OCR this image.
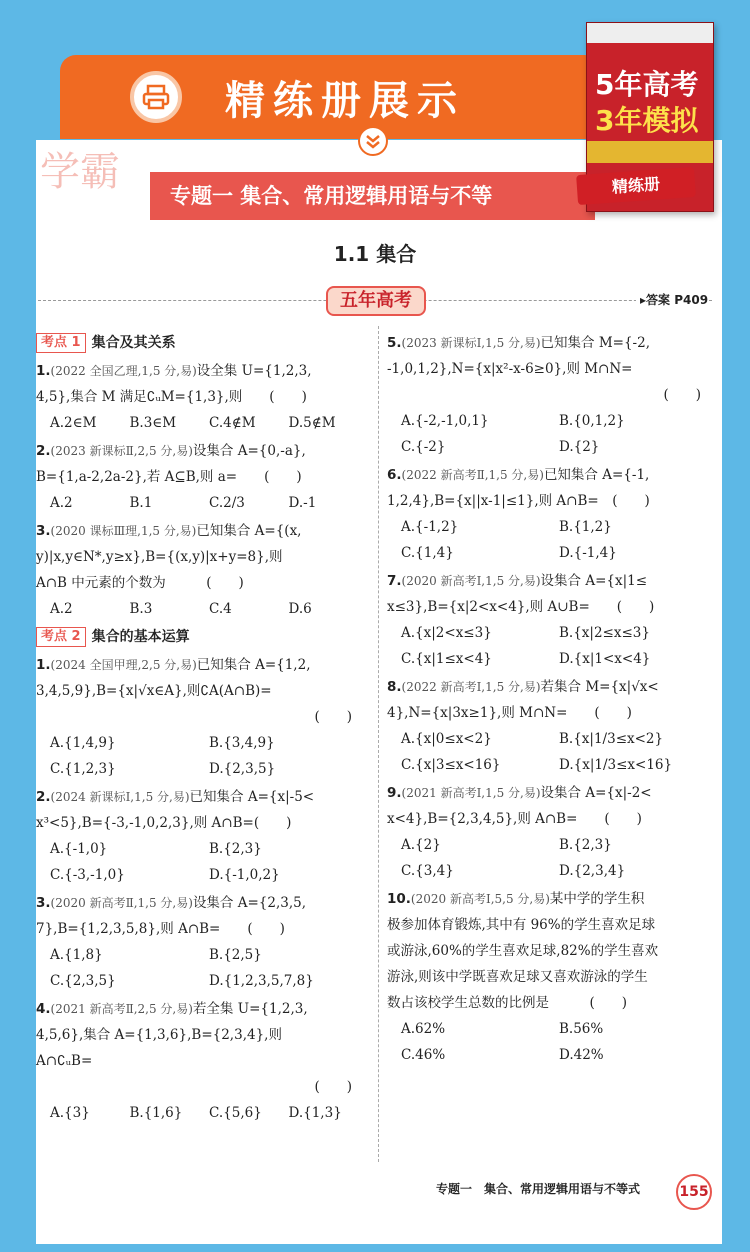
精练册展示
学霸
专题一 集合、常用逻辑用语与不等
5年高考
3年模拟
精练册
1.1 集合
五年高考	▸答案 P409
考点 1 集合及其关系
1.(2022 全国乙理,1,5 分,易)设全集 U={1,2,3,
4,5},集合 M 满足∁ᵤM={1,3},则　　(　　)
A.2∈M	B.3∈M	C.4∉M	D.5∉M
2.(2023 新课标Ⅱ,2,5 分,易)设集合 A={0,-a},
B={1,a-2,2a-2},若 A⊆B,则 a=　　(　　)
A.2	B.1	C.2/3	D.-1
3.(2020 课标Ⅲ理,1,5 分,易)已知集合 A={(x,
y)|x,y∈N*,y≥x},B={(x,y)|x+y=8},则
A∩B 中元素的个数为　　　(　　)
A.2	B.3	C.4	D.6
考点 2 集合的基本运算
1.(2024 全国甲理,2,5 分,易)已知集合 A={1,2,
3,4,5,9},B={x|√x∈A},则∁A(A∩B)=
(　　)
A.{1,4,9}	B.{3,4,9}
C.{1,2,3}	D.{2,3,5}
2.(2024 新课标Ⅰ,1,5 分,易)已知集合 A={x|-5<
x³<5},B={-3,-1,0,2,3},则 A∩B=(　　)
A.{-1,0}	B.{2,3}
C.{-3,-1,0}	D.{-1,0,2}
3.(2020 新高考Ⅱ,1,5 分,易)设集合 A={2,3,5,
7},B={1,2,3,5,8},则 A∩B=　　(　　)
A.{1,8}	B.{2,5}
C.{2,3,5}	D.{1,2,3,5,7,8}
4.(2021 新高考Ⅱ,2,5 分,易)若全集 U={1,2,3,
4,5,6},集合 A={1,3,6},B={2,3,4},则
A∩∁ᵤB=
(　　)
A.{3}	B.{1,6}	C.{5,6}	D.{1,3}
5.(2023 新课标Ⅰ,1,5 分,易)已知集合 M={-2,
-1,0,1,2},N={x|x²-x-6≥0},则 M∩N=
(　　)
A.{-2,-1,0,1}	B.{0,1,2}
C.{-2}	D.{2}
6.(2022 新高考Ⅱ,1,5 分,易)已知集合 A={-1,
1,2,4},B={x||x-1|≤1},则 A∩B=　(　　)
A.{-1,2}	B.{1,2}
C.{1,4}	D.{-1,4}
7.(2020 新高考Ⅰ,1,5 分,易)设集合 A={x|1≤
x≤3},B={x|2<x<4},则 A∪B=　　(　　)
A.{x|2<x≤3}	B.{x|2≤x≤3}
C.{x|1≤x<4}	D.{x|1<x<4}
8.(2022 新高考Ⅰ,1,5 分,易)若集合 M={x|√x<
4},N={x|3x≥1},则 M∩N=　　(　　)
A.{x|0≤x<2}	B.{x|1/3≤x<2}
C.{x|3≤x<16}	D.{x|1/3≤x<16}
9.(2021 新高考Ⅰ,1,5 分,易)设集合 A={x|-2<
x<4},B={2,3,4,5},则 A∩B=　　(　　)
A.{2}	B.{2,3}
C.{3,4}	D.{2,3,4}
10.(2020 新高考Ⅰ,5,5 分,易)某中学的学生积
极参加体育锻炼,其中有 96%的学生喜欢足球
或游泳,60%的学生喜欢足球,82%的学生喜欢
游泳,则该中学既喜欢足球又喜欢游泳的学生
数占该校学生总数的比例是　　　(　　)
A.62%	B.56%
C.46%	D.42%
专题一　集合、常用逻辑用语与不等式	155
